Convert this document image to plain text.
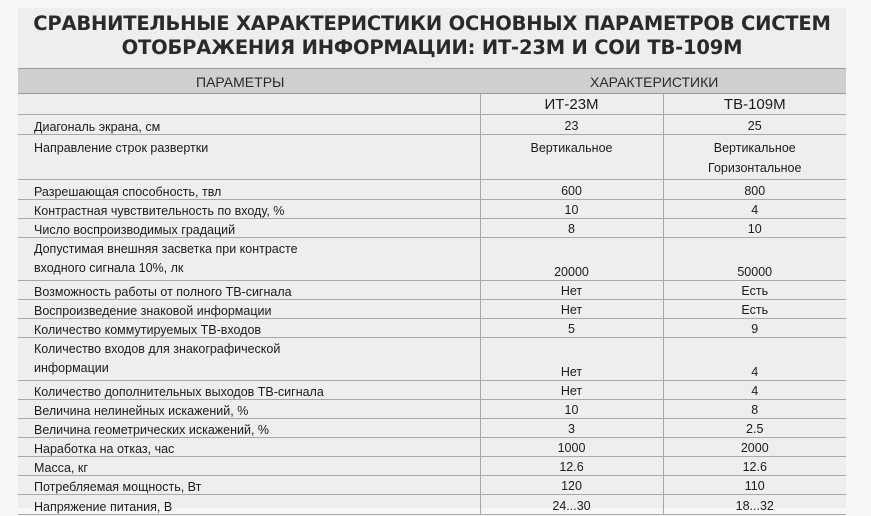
СРАВНИТЕЛЬНЫЕ ХАРАКТЕРИСТИКИ ОСНОВНЫХ ПАРАМЕТРОВ СИСТЕМ
ОТОБРАЖЕНИЯ ИНФОРМАЦИИ: ИТ-23М И СОИ ТВ-109М
ПАРАМЕТРЫ	ХАРАКТЕРИСТИКИ
	ИТ-23М	ТВ-109М
Диагональ экрана, см	23	25

Направление строк развертки	Вертикальное	Вертикальное
Горизонтальное

Разрешающая способность, твл	600	800
Контрастная чувствительность по входу, %	10	4
Число воспроизводимых градаций	8	10

Допустимая внешняя засветка при контрасте
входного сигнала 10%, лк	20000	50000
Возможность работы от полного ТВ-сигнала	Нет	Есть
Воспроизведение знаковой информации	Нет	Есть
Количество коммутируемых ТВ-входов	5	9

Количество входов для знакографической
информации	Нет	4
Количество дополнительных выходов ТВ-сигнала	Нет	4
Величина нелинейных искажений, %	10	8
Величина геометрических искажений, %	3	2.5
Наработка на отказ, час	1000	2000
Масса, кг	12.6	12.6
Потребляемая мощность, Вт	120	110
Напряжение питания, В	24...30	18...32
